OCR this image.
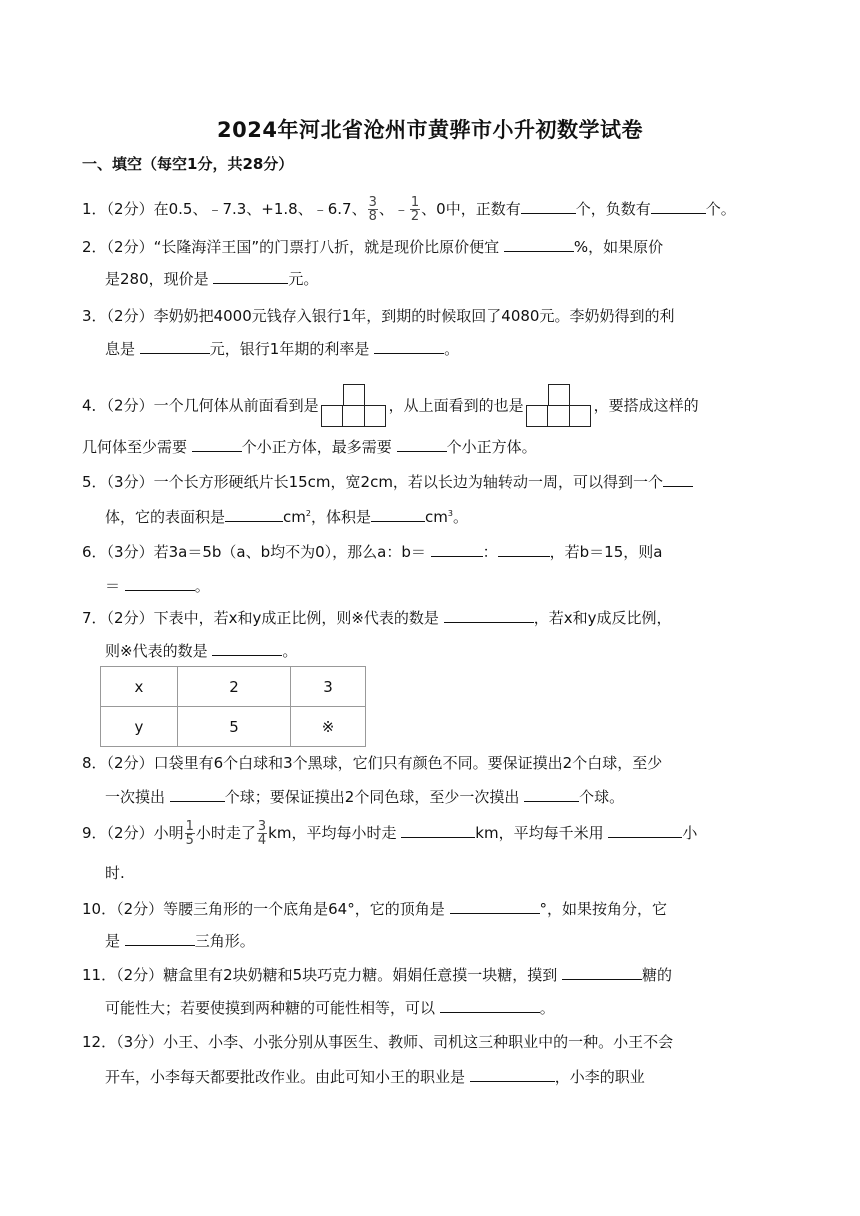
2024年河北省沧州市黄骅市小升初数学试卷
一、填空（每空1分，共28分）
1．（2分）在0.5、﹣7.3、+1.8、﹣6.7、 $\frac{3}{8}$ 、﹣ $\frac{1}{2}$ 、0中，正数有	个，负数有	个。
2．（2分）“长隆海洋王国”的门票打八折，就是现价比原价便宜	%，如果原价
是280，现价是	元。
3．（2分）李奶奶把4000元钱存入银行1年，到期的时候取回了4080元。李奶奶得到的利
息是	元，银行1年期的利率是	。
4．（2分）一个几何体从前面看到是	，从上面看到的也是	，要搭成这样的
几何体至少需要	个小正方体，最多需要	个小正方体。
5．（3分）一个长方形硬纸片长15cm，宽2cm，若以长边为轴转动一周，可以得到一个
体，它的表面积是	$cm^2$，体积是	$cm^3$。
6．（3分）若3a＝5b（a、b均不为0），那么a：b＝	：	，若b＝15，则a
＝	。
7．（2分）下表中，若x和y成正比例，则※代表的数是	，若x和y成反比例，
则※代表的数是	。
x	2	3
y	5	※
8．（2分）口袋里有6个白球和3个黑球，它们只有颜色不同。要保证摸出2个白球，至少
一次摸出	个球；要保证摸出2个同色球，至少一次摸出	个球。
9．（2分）小明 $\frac{1}{5}$ 小时走了 $\frac{3}{4}$ km，平均每小时走	km，平均每千米用	小
时.
10．（2分）等腰三角形的一个底角是64°，它的顶角是	°，如果按角分，它
是	三角形。
11．（2分）糖盒里有2块奶糖和5块巧克力糖。娟娟任意摸一块糖，摸到	糖的
可能性大；若要使摸到两种糖的可能性相等，可以	。
12．（3分）小王、小李、小张分别从事医生、教师、司机这三种职业中的一种。小王不会
开车，小李每天都要批改作业。由此可知小王的职业是	，小李的职业
